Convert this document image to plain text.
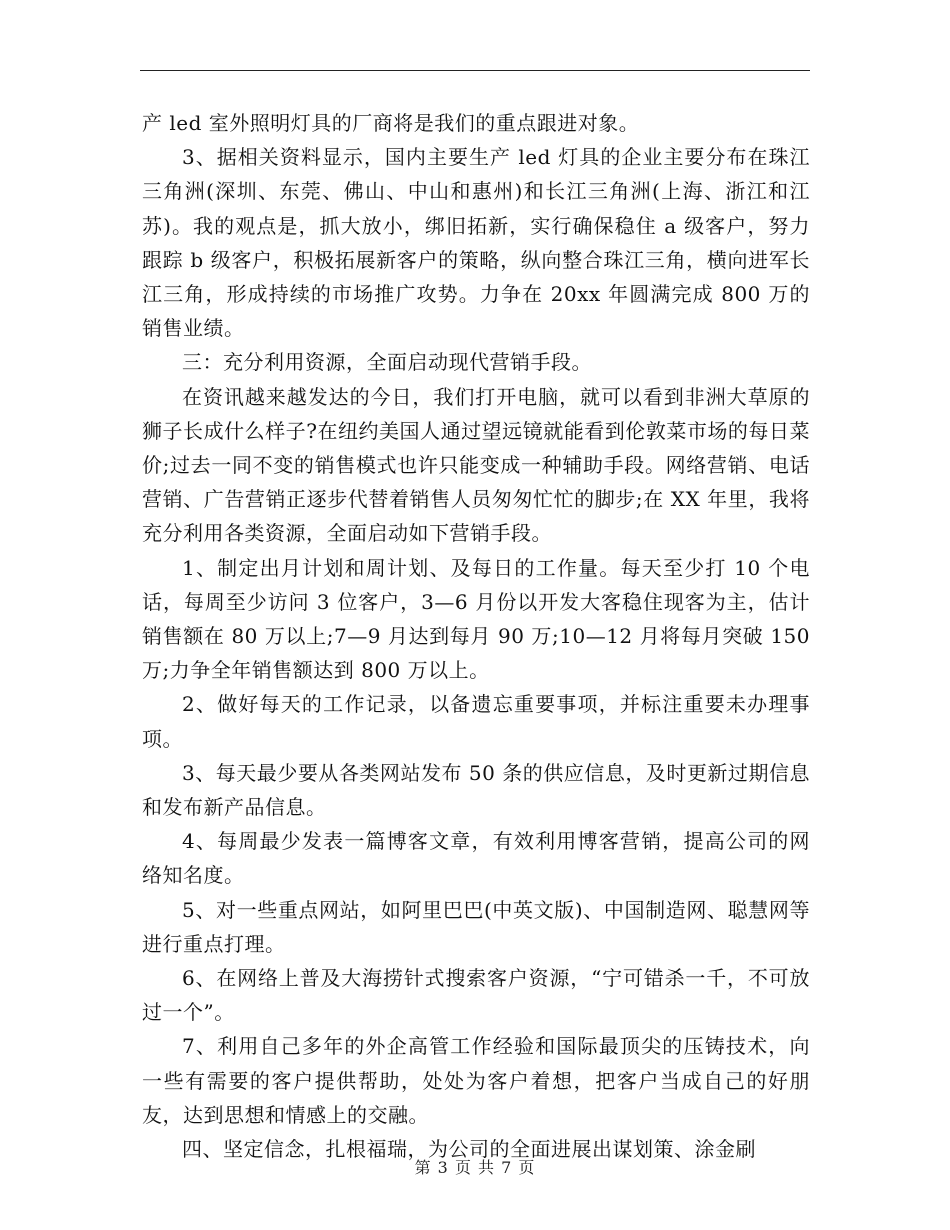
产 led 室外照明灯具的厂商将是我们的重点跟进对象。

3、据相关资料显示，国内主要生产 led 灯具的企业主要分布在珠江三角洲(深圳、东莞、佛山、中山和惠州)和长江三角洲(上海、浙江和江苏)。我的观点是，抓大放小，绑旧拓新，实行确保稳住 a 级客户，努力跟踪 b 级客户，积极拓展新客户的策略，纵向整合珠江三角，横向进军长江三角，形成持续的市场推广攻势。力争在 20xx 年圆满完成 800 万的销售业绩。

三：充分利用资源，全面启动现代营销手段。

在资讯越来越发达的今日，我们打开电脑，就可以看到非洲大草原的狮子长成什么样子?在纽约美国人通过望远镜就能看到伦敦菜市场的每日菜价;过去一同不变的销售模式也许只能变成一种辅助手段。网络营销、电话营销、广告营销正逐步代替着销售人员匆匆忙忙的脚步;在 XX 年里，我将充分利用各类资源，全面启动如下营销手段。

1、制定出月计划和周计划、及每日的工作量。每天至少打 10 个电话，每周至少访问 3 位客户，3—6 月份以开发大客稳住现客为主，估计销售额在 80 万以上;7—9 月达到每月 90 万;10—12 月将每月突破 150 万;力争全年销售额达到 800 万以上。

2、做好每天的工作记录，以备遗忘重要事项，并标注重要未办理事项。

3、每天最少要从各类网站发布 50 条的供应信息，及时更新过期信息和发布新产品信息。

4、每周最少发表一篇博客文章，有效利用博客营销，提高公司的网络知名度。

5、对一些重点网站，如阿里巴巴(中英文版)、中国制造网、聪慧网等进行重点打理。

6、在网络上普及大海捞针式搜索客户资源，“宁可错杀一千，不可放过一个”。

7、利用自己多年的外企高管工作经验和国际最顶尖的压铸技术，向一些有需要的客户提供帮助，处处为客户着想，把客户当成自己的好朋友，达到思想和情感上的交融。

四、坚定信念，扎根福瑞，为公司的全面进展出谋划策、涂金刷

第 3 页 共 7 页
